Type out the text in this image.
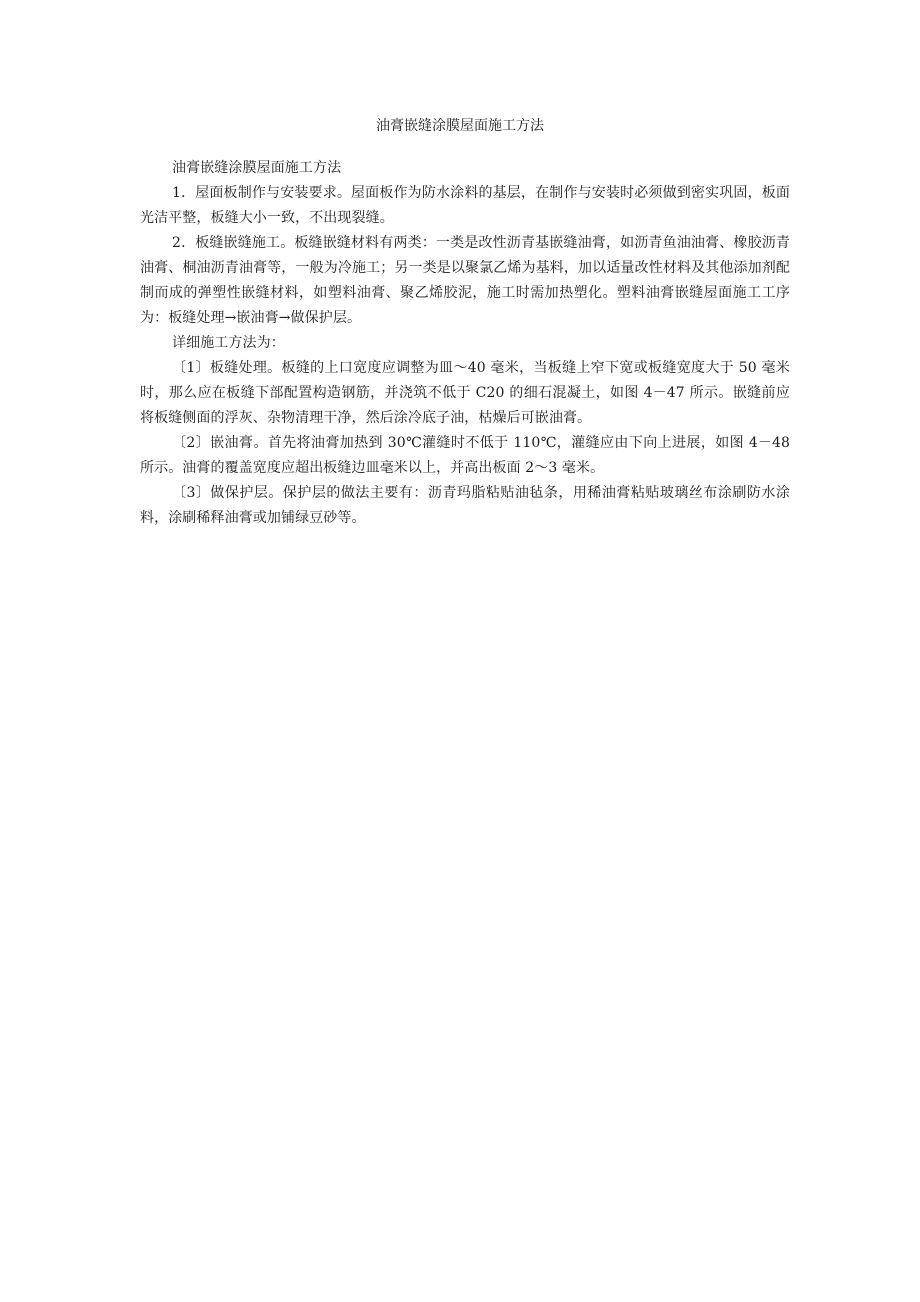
油膏嵌缝涂膜屋面施工方法

油膏嵌缝涂膜屋面施工方法

1．屋面板制作与安装要求。屋面板作为防水涂料的基层，在制作与安装时必须做到密实巩固，板面光洁平整，板缝大小一致，不出现裂缝。

2．板缝嵌缝施工。板缝嵌缝材料有两类：一类是改性沥青基嵌缝油膏，如沥青鱼油油膏、橡胶沥青油膏、桐油沥青油膏等，一般为冷施工；另一类是以聚氯乙烯为基料，加以适量改性材料及其他添加剂配制而成的弹塑性嵌缝材料，如塑料油膏、聚乙烯胶泥，施工时需加热塑化。塑料油膏嵌缝屋面施工工序为：板缝处理→嵌油膏→做保护层。

详细施工方法为：

〔1〕板缝处理。板缝的上口宽度应调整为皿～40 毫米，当板缝上窄下宽或板缝宽度大于 50 毫米时，那么应在板缝下部配置构造钢筋，并浇筑不低于 C20 的细石混凝土，如图 4－47 所示。嵌缝前应将板缝侧面的浮灰、杂物清理干净，然后涂冷底子油，枯燥后可嵌油膏。

〔2〕嵌油膏。首先将油膏加热到 30℃灌缝时不低于 110℃，灌缝应由下向上进展，如图 4－48 所示。油膏的覆盖宽度应超出板缝边皿毫米以上，并高出板面 2～3 毫米。

〔3〕做保护层。保护层的做法主要有：沥青玛脂粘贴油毡条，用稀油膏粘贴玻璃丝布涂刷防水涂料，涂刷稀释油膏或加铺绿豆砂等。
